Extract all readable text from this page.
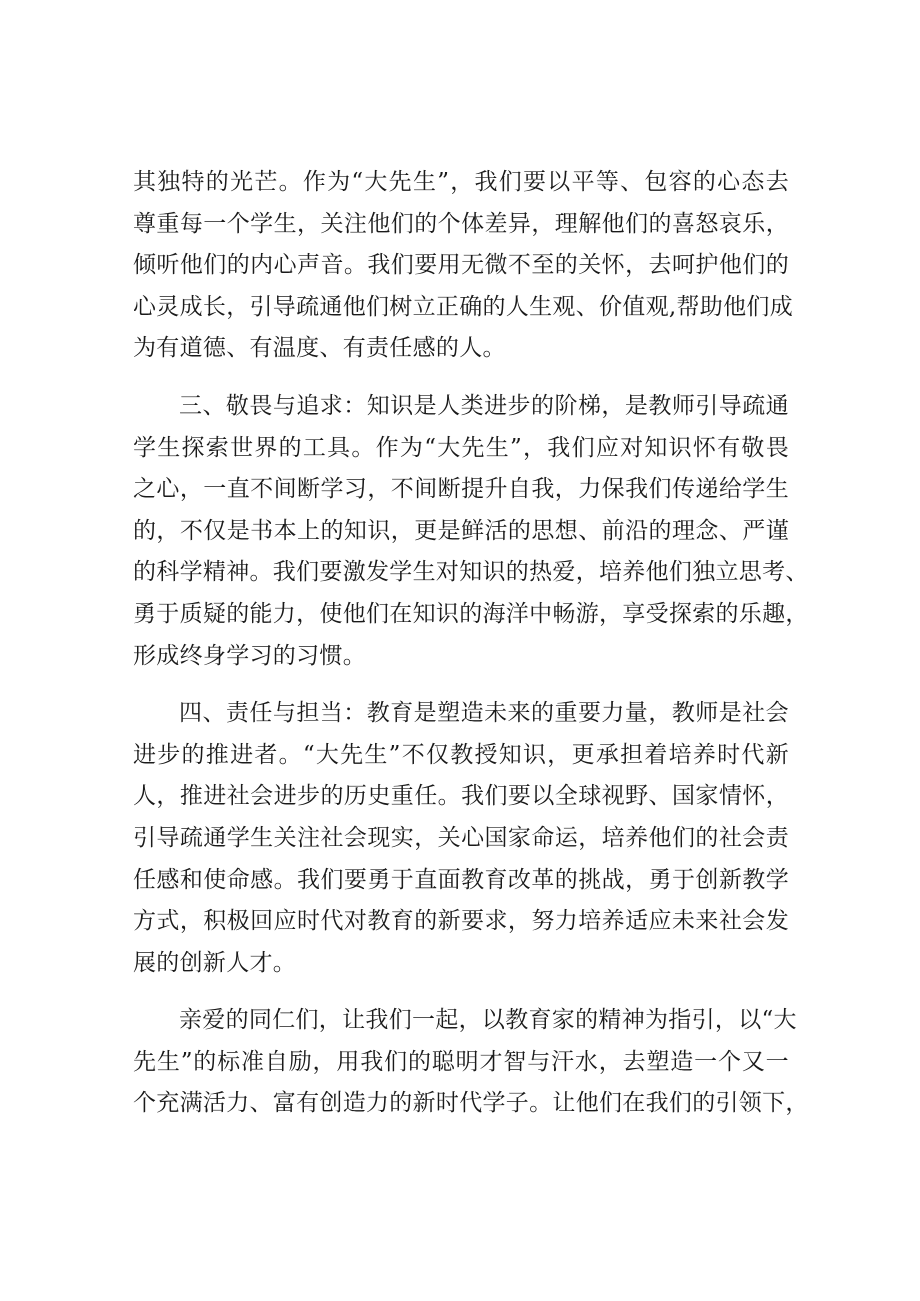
其独特的光芒。作为“大先生”，我们要以平等、包容的心态去
尊重每一个学生，关注他们的个体差异，理解他们的喜怒哀乐，
倾听他们的内心声音。我们要用无微不至的关怀，去呵护他们的
心灵成长，引导疏通他们树立正确的人生观、价值观,帮助他们成
为有道德、有温度、有责任感的人。
三、敬畏与追求：知识是人类进步的阶梯，是教师引导疏通
学生探索世界的工具。作为“大先生”，我们应对知识怀有敬畏
之心，一直不间断学习，不间断提升自我，力保我们传递给学生
的，不仅是书本上的知识，更是鲜活的思想、前沿的理念、严谨
的科学精神。我们要激发学生对知识的热爱，培养他们独立思考、
勇于质疑的能力，使他们在知识的海洋中畅游，享受探索的乐趣，
形成终身学习的习惯。
四、责任与担当：教育是塑造未来的重要力量，教师是社会
进步的推进者。“大先生”不仅教授知识，更承担着培养时代新
人，推进社会进步的历史重任。我们要以全球视野、国家情怀，
引导疏通学生关注社会现实，关心国家命运，培养他们的社会责
任感和使命感。我们要勇于直面教育改革的挑战，勇于创新教学
方式，积极回应时代对教育的新要求，努力培养适应未来社会发
展的创新人才。
亲爱的同仁们，让我们一起，以教育家的精神为指引，以“大
先生”的标准自励，用我们的聪明才智与汗水，去塑造一个又一
个充满活力、富有创造力的新时代学子。让他们在我们的引领下，
